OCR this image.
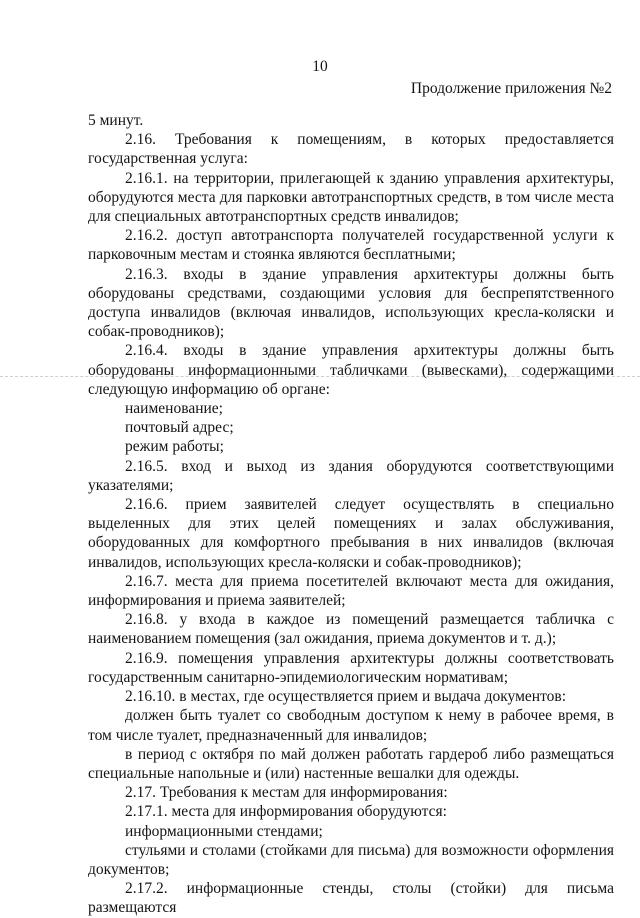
10
Продолжение приложения №2

5 минут.

2.16. Требования к помещениям, в которых предоставляется государственная услуга:

2.16.1. на территории, прилегающей к зданию управления архитектуры, оборудуются места для парковки автотранспортных средств, в том числе места для специальных автотранспортных средств инвалидов;

2.16.2. доступ автотранспорта получателей государственной услуги к парковочным местам и стоянка являются бесплатными;

2.16.3. входы в здание управления архитектуры должны быть оборудованы средствами, создающими условия для беспрепятственного доступа инвалидов (включая инвалидов, использующих кресла-коляски и собак-проводников);

2.16.4. входы в здание управления архитектуры должны быть оборудованы информационными табличками (вывесками), содержащими следующую информацию об органе:

наименование;

почтовый адрес;

режим работы;

2.16.5. вход и выход из здания оборудуются соответствующими указателями;

2.16.6. прием заявителей следует осуществлять в специально выделенных для этих целей помещениях и залах обслуживания, оборудованных для комфортного пребывания в них инвалидов (включая инвалидов, использующих кресла-коляски и собак-проводников);

2.16.7. места для приема посетителей включают места для ожидания, информирования и приема заявителей;

2.16.8. у входа в каждое из помещений размещается табличка с наименованием помещения (зал ожидания, приема документов и т. д.);

2.16.9. помещения управления архитектуры должны соответствовать государственным санитарно-эпидемиологическим нормативам;

2.16.10. в местах, где осуществляется прием и выдача документов:

должен быть туалет со свободным доступом к нему в рабочее время, в том числе туалет, предназначенный для инвалидов;

в период с октября по май должен работать гардероб либо размещаться специальные напольные и (или) настенные вешалки для одежды.

2.17. Требования к местам для информирования:

2.17.1. места для информирования оборудуются:

информационными стендами;

стульями и столами (стойками для письма) для возможности оформления документов;

2.17.2. информационные стенды, столы (стойки) для письма размещаются
